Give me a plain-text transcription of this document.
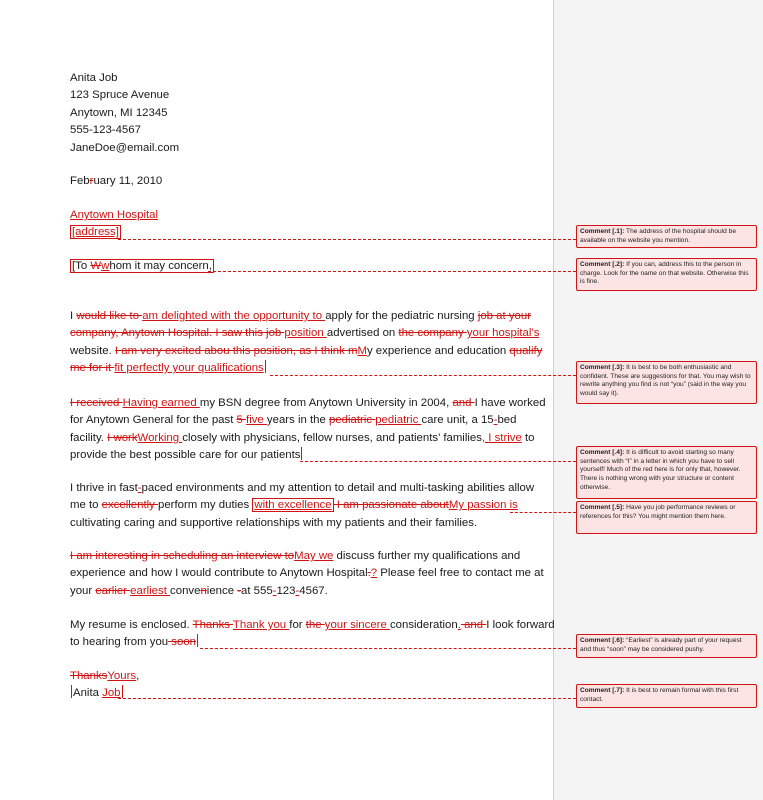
Anita Job
123 Spruce Avenue
Anytown, MI 12345
555-123-4567
JaneDoe@email.com
February 11, 2010
Anytown Hospital
[address]
[To Wwhom it may concern,
I would like to am delighted with the opportunity to apply for the pediatric nursing job at your
company, Anytown Hospital. I saw this job position advertised on the company your hospital’s
website. I am very excited abou this position, as I think mMy experience and education qualify
me for it fit perfectly your qualifications
I received Having earned my BSN degree from Anytown University in 2004, and I have worked
for Anytown General for the past 5 five years in the pediatric pediatric care unit, a 15-bed
facility. I workWorking closely with physicians, fellow nurses, and patients’ families, I strive to
provide the best possible care for our patients
I thrive in fast-paced environments and my attention to detail and multi-tasking abilities allow
me to excellently perform my duties with excellence I am passionate aboutMy passion is
cultivating caring and supportive relationships with my patients and their families.
I am interesting in scheduling an interview toMay we discuss further my qualifications and
experience and how I would contribute to Anytown Hospital.? Please feel free to contact me at
your earlier earliest convenience -at 555-123-4567.
My resume is enclosed. Thanks Thank you for the your sincere consideration. and I look forward
to hearing from you soon
ThanksYours,
Anita Job
Comment [.1]: The address of the hospital should be available on the website you mention.
Comment [.2]: If you can, address this to the person in charge. Look for the name on that website. Otherwise this is fine.
Comment [.3]: It is best to be both enthusiastic and confident. These are suggestions for that. You may wish to rewrite anything you find is not “you” (said in the way you would say it).
Comment [.4]: It is difficult to avoid starting so many sentences with “I” in a letter in which you have to sell yourself! Much of the red here is for only that, however. There is nothing wrong with your structure or content otherwise.
Comment [.5]: Have you job performance reviews or references for this? You might mention them here.
Comment [.6]: “Earliest” is already part of your request and thus “soon” may be considered pushy.
Comment [.7]: It is best to remain formal with this first contact.
